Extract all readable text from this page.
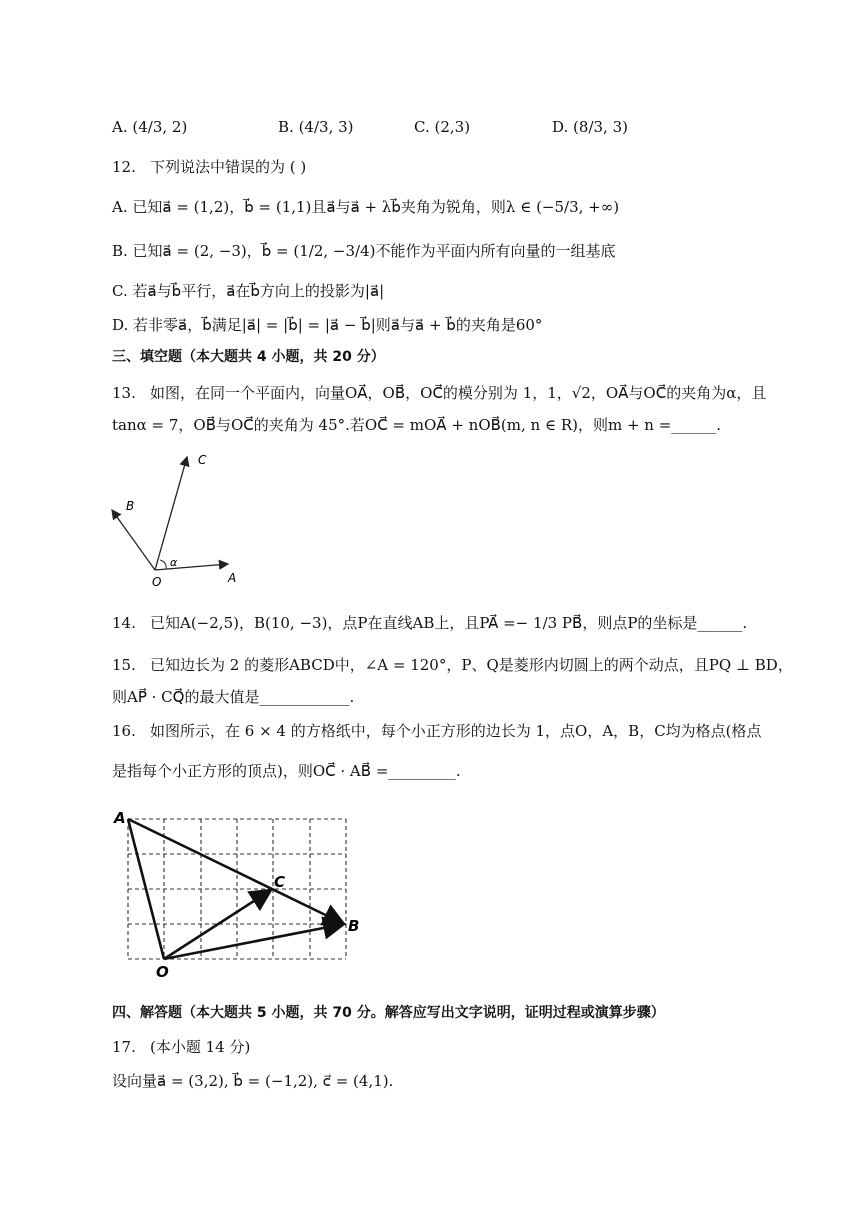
A. (4/3, 2)	B. (4/3, 3)	C. (2,3)	D. (8/3, 3)
12. 下列说法中错误的为 ( )
A. 已知a⃗ = (1,2)，b⃗ = (1,1)且a⃗与a⃗ + λb⃗夹角为锐角，则λ ∈ (−5/3, +∞)
B. 已知a⃗ = (2, −3)，b⃗ = (1/2, −3/4)不能作为平面内所有向量的一组基底
C. 若a⃗与b⃗平行，a⃗在b⃗方向上的投影为|a⃗|
D. 若非零a⃗，b⃗满足|a⃗| = |b⃗| = |a⃗ − b⃗|则a⃗与a⃗ + b⃗的夹角是60°
三、填空题（本大题共 4 小题，共 20 分）
13. 如图，在同一个平面内，向量OA⃗，OB⃗，OC⃗的模分别为 1，1，√2，OA⃗与OC⃗的夹角为α，且
tanα = 7，OB⃗与OC⃗的夹角为 45°.若OC⃗ = mOA⃗ + nOB⃗(m, n ∈ R)，则m + n =______.
C
B
O	A
α
14. 已知A(−2,5)，B(10, −3)，点P在直线AB上，且PA⃗ =− 1/3 PB⃗，则点P的坐标是______.
15. 已知边长为 2 的菱形ABCD中，∠A = 120°，P、Q是菱形内切圆上的两个动点，且PQ ⊥ BD，
则AP⃗ · CQ⃗的最大值是____________.
16. 如图所示，在 6 × 4 的方格纸中，每个小正方形的边长为 1，点O，A，B，C均为格点(格点
是指每个小正方形的顶点)，则OC⃗ · AB⃗ =_________.
A
B
C
O
四、解答题（本大题共 5 小题，共 70 分。解答应写出文字说明，证明过程或演算步骤）
17. (本小题 14 分)
设向量a⃗ = (3,2), b⃗ = (−1,2), c⃗ = (4,1).
